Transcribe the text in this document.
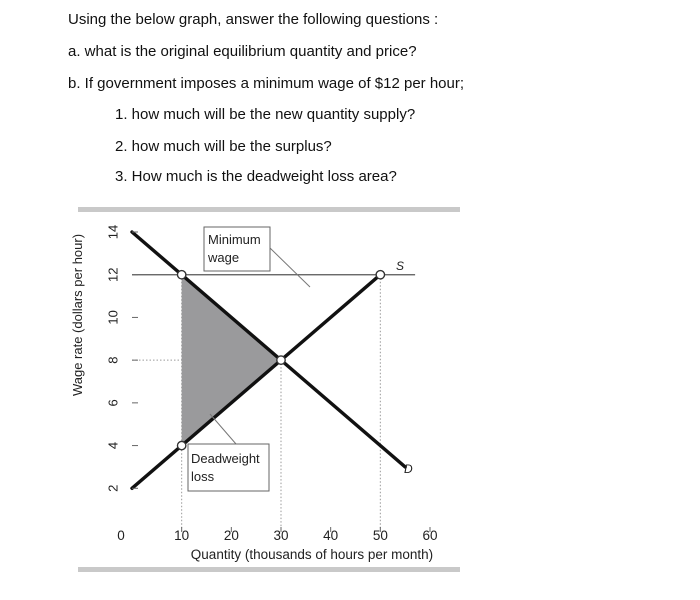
Using the below graph, answer the following questions :
a. what is the original equilibrium quantity and price?
b. If government imposes a minimum wage of $12 per hour;
1. how much will be the new quantity supply?
2. how much will be the surplus?
3. How much is the deadweight loss area?
2
4
6
8
10
12
14
0	10	20	30	40	50	60
Wage rate (dollars per hour)
Quantity (thousands of hours per month)
S
D
Minimum wage
Deadweight loss
